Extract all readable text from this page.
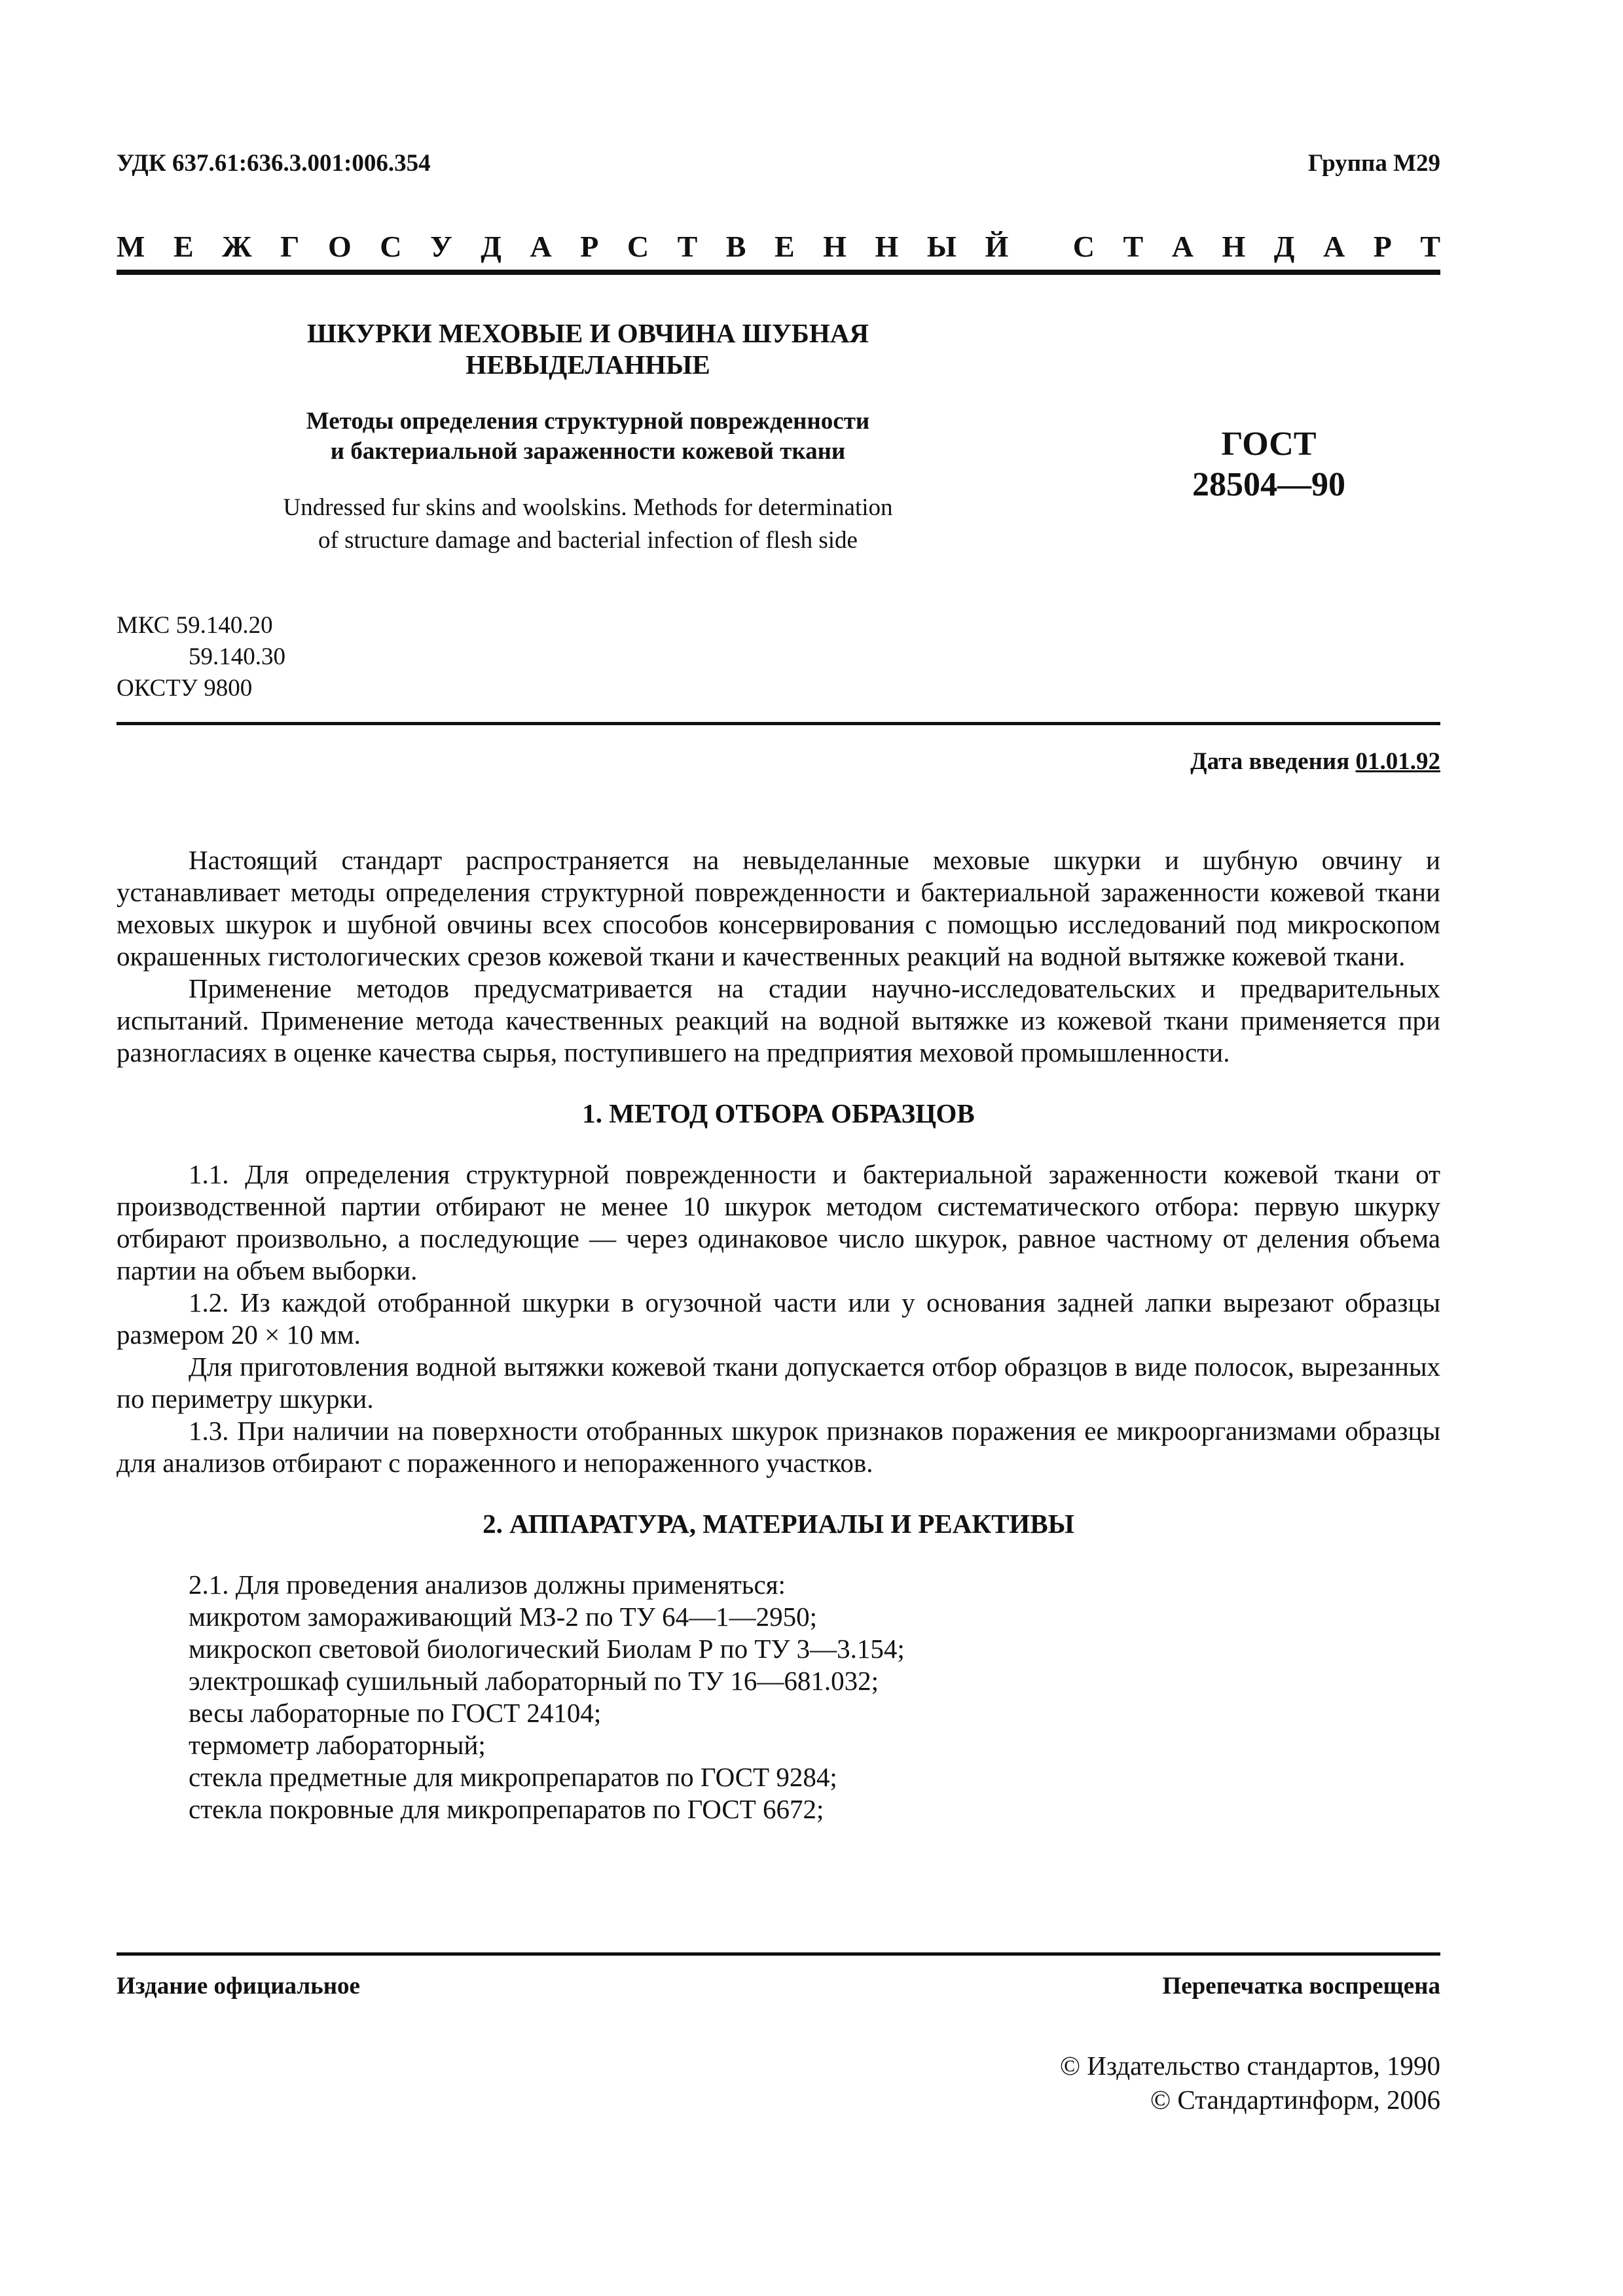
УДК 637.61:636.3.001:006.354	Группа М29
М Е Ж Г О С У Д А Р С Т В Е Н Н Ы Й
С Т А Н Д А Р Т
ШКУРКИ МЕХОВЫЕ И ОВЧИНА ШУБНАЯ
НЕВЫДЕЛАННЫЕ
Методы определения структурной поврежденности
и бактериальной зараженности кожевой ткани
Undressed fur skins and woolskins. Methods for determination
of structure damage and bacterial infection of flesh side
ГОСТ
28504—90
МКС 59.140.20
59.140.30
ОКСТУ 9800
Дата введения 01.01.92

Настоящий стандарт распространяется на невыделанные меховые шкурки и шубную овчину и устанавливает методы определения структурной поврежденности и бактериальной зараженности кожевой ткани меховых шкурок и шубной овчины всех способов консервирования с помощью исследований под микроскопом окрашенных гистологических срезов кожевой ткани и качественных реакций на водной вытяжке кожевой ткани.

Применение методов предусматривается на стадии научно-исследовательских и предварительных испытаний. Применение метода качественных реакций на водной вытяжке из кожевой ткани применяется при разногласиях в оценке качества сырья, поступившего на предприятия меховой промышленности.

1. МЕТОД ОТБОРА ОБРАЗЦОВ

1.1. Для определения структурной поврежденности и бактериальной зараженности кожевой ткани от производственной партии отбирают не менее 10 шкурок методом систематического отбора: первую шкурку отбирают произвольно, а последующие — через одинаковое число шкурок, равное частному от деления объема партии на объем выборки.

1.2. Из каждой отобранной шкурки в огузочной части или у основания задней лапки вырезают образцы размером 20 × 10 мм.

Для приготовления водной вытяжки кожевой ткани допускается отбор образцов в виде полосок, вырезанных по периметру шкурки.

1.3. При наличии на поверхности отобранных шкурок признаков поражения ее микроорганизмами образцы для анализов отбирают с пораженного и непораженного участков.

2. АППАРАТУРА, МАТЕРИАЛЫ И РЕАКТИВЫ
2.1. Для проведения анализов должны применяться:
микротом замораживающий МЗ-2 по ТУ 64—1—2950;
микроскоп световой биологический Биолам Р по ТУ 3—3.154;
электрошкаф сушильный лабораторный по ТУ 16—681.032;
весы лабораторные по ГОСТ 24104;
термометр лабораторный;
стекла предметные для микропрепаратов по ГОСТ 9284;
стекла покровные для микропрепаратов по ГОСТ 6672;
Издание официальное	Перепечатка воспрещена
© Издательство стандартов, 1990
© Стандартинформ, 2006
